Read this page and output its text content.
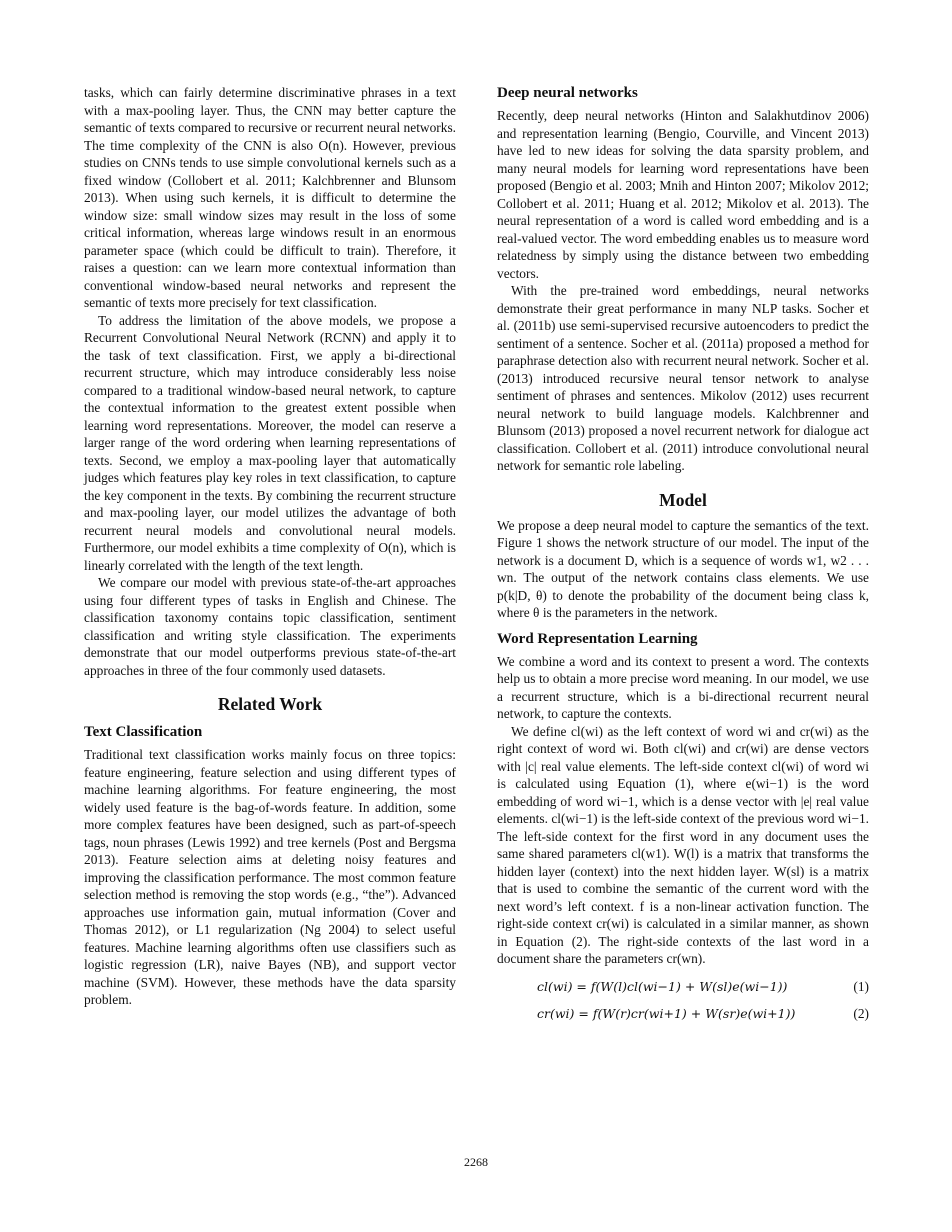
tasks, which can fairly determine discriminative phrases in a text with a max-pooling layer. Thus, the CNN may better capture the semantic of texts compared to recursive or recurrent neural networks. The time complexity of the CNN is also O(n). However, previous studies on CNNs tends to use simple convolutional kernels such as a fixed window (Collobert et al. 2011; Kalchbrenner and Blunsom 2013). When using such kernels, it is difficult to determine the window size: small window sizes may result in the loss of some critical information, whereas large windows result in an enormous parameter space (which could be difficult to train). Therefore, it raises a question: can we learn more contextual information than conventional window-based neural networks and represent the semantic of texts more precisely for text classification.

To address the limitation of the above models, we propose a Recurrent Convolutional Neural Network (RCNN) and apply it to the task of text classification. First, we apply a bi-directional recurrent structure, which may introduce considerably less noise compared to a traditional window-based neural network, to capture the contextual information to the greatest extent possible when learning word representations. Moreover, the model can reserve a larger range of the word ordering when learning representations of texts. Second, we employ a max-pooling layer that automatically judges which features play key roles in text classification, to capture the key component in the texts. By combining the recurrent structure and max-pooling layer, our model utilizes the advantage of both recurrent neural models and convolutional neural models. Furthermore, our model exhibits a time complexity of O(n), which is linearly correlated with the length of the text length.

We compare our model with previous state-of-the-art approaches using four different types of tasks in English and Chinese. The classification taxonomy contains topic classification, sentiment classification and writing style classification. The experiments demonstrate that our model outperforms previous state-of-the-art approaches in three of the four commonly used datasets.

Related Work
Text Classification

Traditional text classification works mainly focus on three topics: feature engineering, feature selection and using different types of machine learning algorithms. For feature engineering, the most widely used feature is the bag-of-words feature. In addition, some more complex features have been designed, such as part-of-speech tags, noun phrases (Lewis 1992) and tree kernels (Post and Bergsma 2013). Feature selection aims at deleting noisy features and improving the classification performance. The most common feature selection method is removing the stop words (e.g., “the”). Advanced approaches use information gain, mutual information (Cover and Thomas 2012), or L1 regularization (Ng 2004) to select useful features. Machine learning algorithms often use classifiers such as logistic regression (LR), naive Bayes (NB), and support vector machine (SVM). However, these methods have the data sparsity problem.

Deep neural networks

Recently, deep neural networks (Hinton and Salakhutdinov 2006) and representation learning (Bengio, Courville, and Vincent 2013) have led to new ideas for solving the data sparsity problem, and many neural models for learning word representations have been proposed (Bengio et al. 2003; Mnih and Hinton 2007; Mikolov 2012; Collobert et al. 2011; Huang et al. 2012; Mikolov et al. 2013). The neural representation of a word is called word embedding and is a real-valued vector. The word embedding enables us to measure word relatedness by simply using the distance between two embedding vectors.

With the pre-trained word embeddings, neural networks demonstrate their great performance in many NLP tasks. Socher et al. (2011b) use semi-supervised recursive autoencoders to predict the sentiment of a sentence. Socher et al. (2011a) proposed a method for paraphrase detection also with recurrent neural network. Socher et al. (2013) introduced recursive neural tensor network to analyse sentiment of phrases and sentences. Mikolov (2012) uses recurrent neural network to build language models. Kalchbrenner and Blunsom (2013) proposed a novel recurrent network for dialogue act classification. Collobert et al. (2011) introduce convolutional neural network for semantic role labeling.

Model

We propose a deep neural model to capture the semantics of the text. Figure 1 shows the network structure of our model. The input of the network is a document D, which is a sequence of words w1, w2 . . . wn. The output of the network contains class elements. We use p(k|D, θ) to denote the probability of the document being class k, where θ is the parameters in the network.

Word Representation Learning

We combine a word and its context to present a word. The contexts help us to obtain a more precise word meaning. In our model, we use a recurrent structure, which is a bi-directional recurrent neural network, to capture the contexts.

We define cl(wi) as the left context of word wi and cr(wi) as the right context of word wi. Both cl(wi) and cr(wi) are dense vectors with |c| real value elements. The left-side context cl(wi) of word wi is calculated using Equation (1), where e(wi−1) is the word embedding of word wi−1, which is a dense vector with |e| real value elements. cl(wi−1) is the left-side context of the previous word wi−1. The left-side context for the first word in any document uses the same shared parameters cl(w1). W(l) is a matrix that transforms the hidden layer (context) into the next hidden layer. W(sl) is a matrix that is used to combine the semantic of the current word with the next word’s left context. f is a non-linear activation function. The right-side context cr(wi) is calculated in a similar manner, as shown in Equation (2). The right-side contexts of the last word in a document share the parameters cr(wn).

cl(wi) = f(W(l)cl(wi−1) + W(sl)e(wi−1))	(1)
cr(wi) = f(W(r)cr(wi+1) + W(sr)e(wi+1))	(2)
2268
